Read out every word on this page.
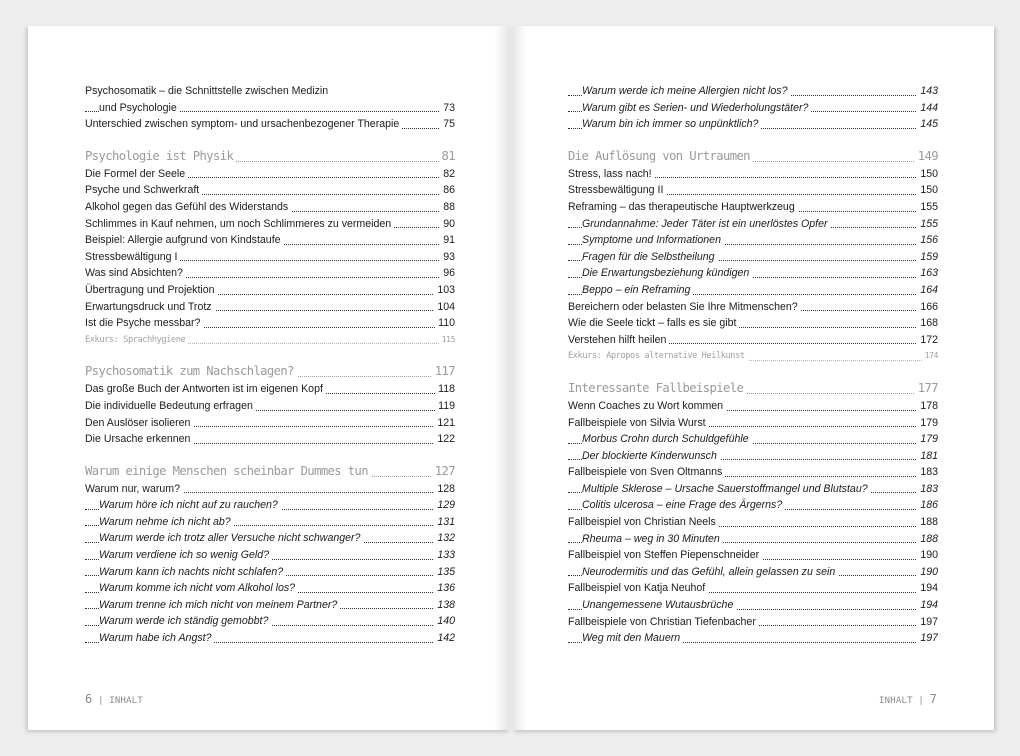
Psychosomatik – die Schnittstelle zwischen Medizin
und Psychologie	73
Unterschied zwischen symptom- und ursachenbezogener Therapie	75
Psychologie ist Physik	81
Die Formel der Seele	82
Psyche und Schwerkraft	86
Alkohol gegen das Gefühl des Widerstands	88
Schlimmes in Kauf nehmen, um noch Schlimmeres zu vermeiden	90
Beispiel: Allergie aufgrund von Kindstaufe	91
Stressbewältigung I	93
Was sind Absichten?	96
Übertragung und Projektion	103
Erwartungsdruck und Trotz	104
Ist die Psyche messbar?	110
Exkurs: Sprachhygiene	115
Psychosomatik zum Nachschlagen?	117
Das große Buch der Antworten ist im eigenen Kopf	118
Die individuelle Bedeutung erfragen	119
Den Auslöser isolieren	121
Die Ursache erkennen	122
Warum einige Menschen scheinbar Dummes tun	127
Warum nur, warum?	128
Warum höre ich nicht auf zu rauchen?	129
Warum nehme ich nicht ab?	131
Warum werde ich trotz aller Versuche nicht schwanger?	132
Warum verdiene ich so wenig Geld?	133
Warum kann ich nachts nicht schlafen?	135
Warum komme ich nicht vom Alkohol los?	136
Warum trenne ich mich nicht von meinem Partner?	138
Warum werde ich ständig gemobbt?	140
Warum habe ich Angst?	142
6 | INHALT
Warum werde ich meine Allergien nicht los?	143
Warum gibt es Serien- und Wiederholungstäter?	144
Warum bin ich immer so unpünktlich?	145
Die Auflösung von Urtraumen	149
Stress, lass nach!	150
Stressbewältigung II	150
Reframing – das therapeutische Hauptwerkzeug	155
Grundannahme: Jeder Täter ist ein unerlöstes Opfer	155
Symptome und Informationen	156
Fragen für die Selbstheilung	159
Die Erwartungsbeziehung kündigen	163
Beppo – ein Reframing	164
Bereichern oder belasten Sie Ihre Mitmenschen?	166
Wie die Seele tickt – falls es sie gibt	168
Verstehen hilft heilen	172
Exkurs: Apropos alternative Heilkunst	174
Interessante Fallbeispiele	177
Wenn Coaches zu Wort kommen	178
Fallbeispiele von Silvia Wurst	179
Morbus Crohn durch Schuldgefühle	179
Der blockierte Kinderwunsch	181
Fallbeispiele von Sven Oltmanns	183
Multiple Sklerose – Ursache Sauerstoffmangel und Blutstau?	183
Colitis ulcerosa – eine Frage des Ärgerns?	186
Fallbeispiel von Christian Neels	188
Rheuma – weg in 30 Minuten	188
Fallbeispiel von Steffen Piepenschneider	190
Neurodermitis und das Gefühl, allein gelassen zu sein	190
Fallbeispiel von Katja Neuhof	194
Unangemessene Wutausbrüche	194
Fallbeispiele von Christian Tiefenbacher	197
Weg mit den Mauern	197
INHALT | 7
